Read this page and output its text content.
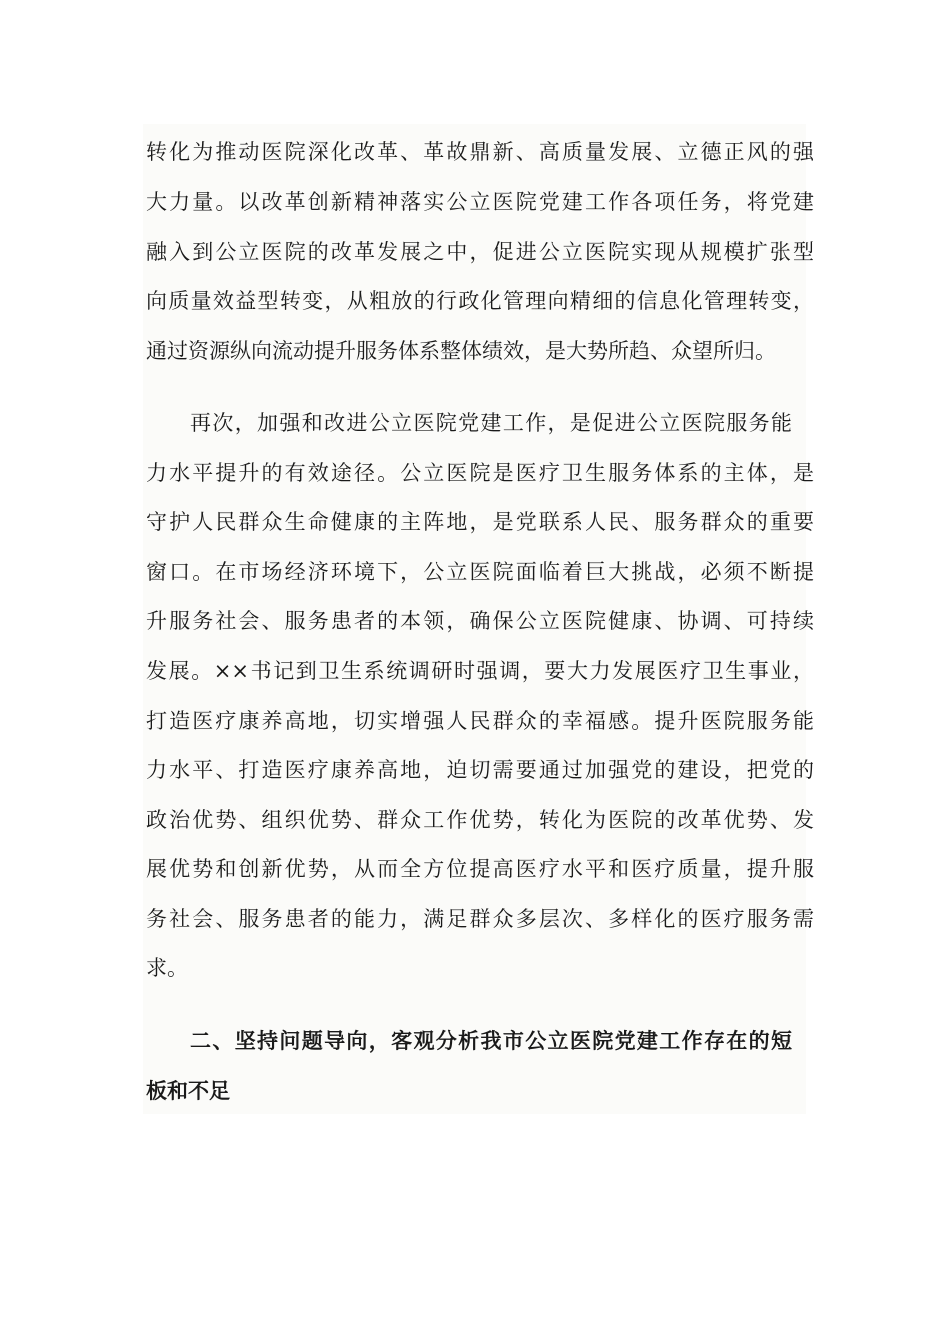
转化为推动医院深化改革、革故鼎新、高质量发展、立德正风的强
大力量。以改革创新精神落实公立医院党建工作各项任务，将党建
融入到公立医院的改革发展之中，促进公立医院实现从规模扩张型
向质量效益型转变，从粗放的行政化管理向精细的信息化管理转变，
通过资源纵向流动提升服务体系整体绩效，是大势所趋、众望所归。
再次，加强和改进公立医院党建工作，是促进公立医院服务能
力水平提升的有效途径。公立医院是医疗卫生服务体系的主体，是
守护人民群众生命健康的主阵地，是党联系人民、服务群众的重要
窗口。在市场经济环境下，公立医院面临着巨大挑战，必须不断提
升服务社会、服务患者的本领，确保公立医院健康、协调、可持续
发展。××书记到卫生系统调研时强调，要大力发展医疗卫生事业，
打造医疗康养高地，切实增强人民群众的幸福感。提升医院服务能
力水平、打造医疗康养高地，迫切需要通过加强党的建设，把党的
政治优势、组织优势、群众工作优势，转化为医院的改革优势、发
展优势和创新优势，从而全方位提高医疗水平和医疗质量，提升服
务社会、服务患者的能力，满足群众多层次、多样化的医疗服务需
求。
二、坚持问题导向，客观分析我市公立医院党建工作存在的短
板和不足
